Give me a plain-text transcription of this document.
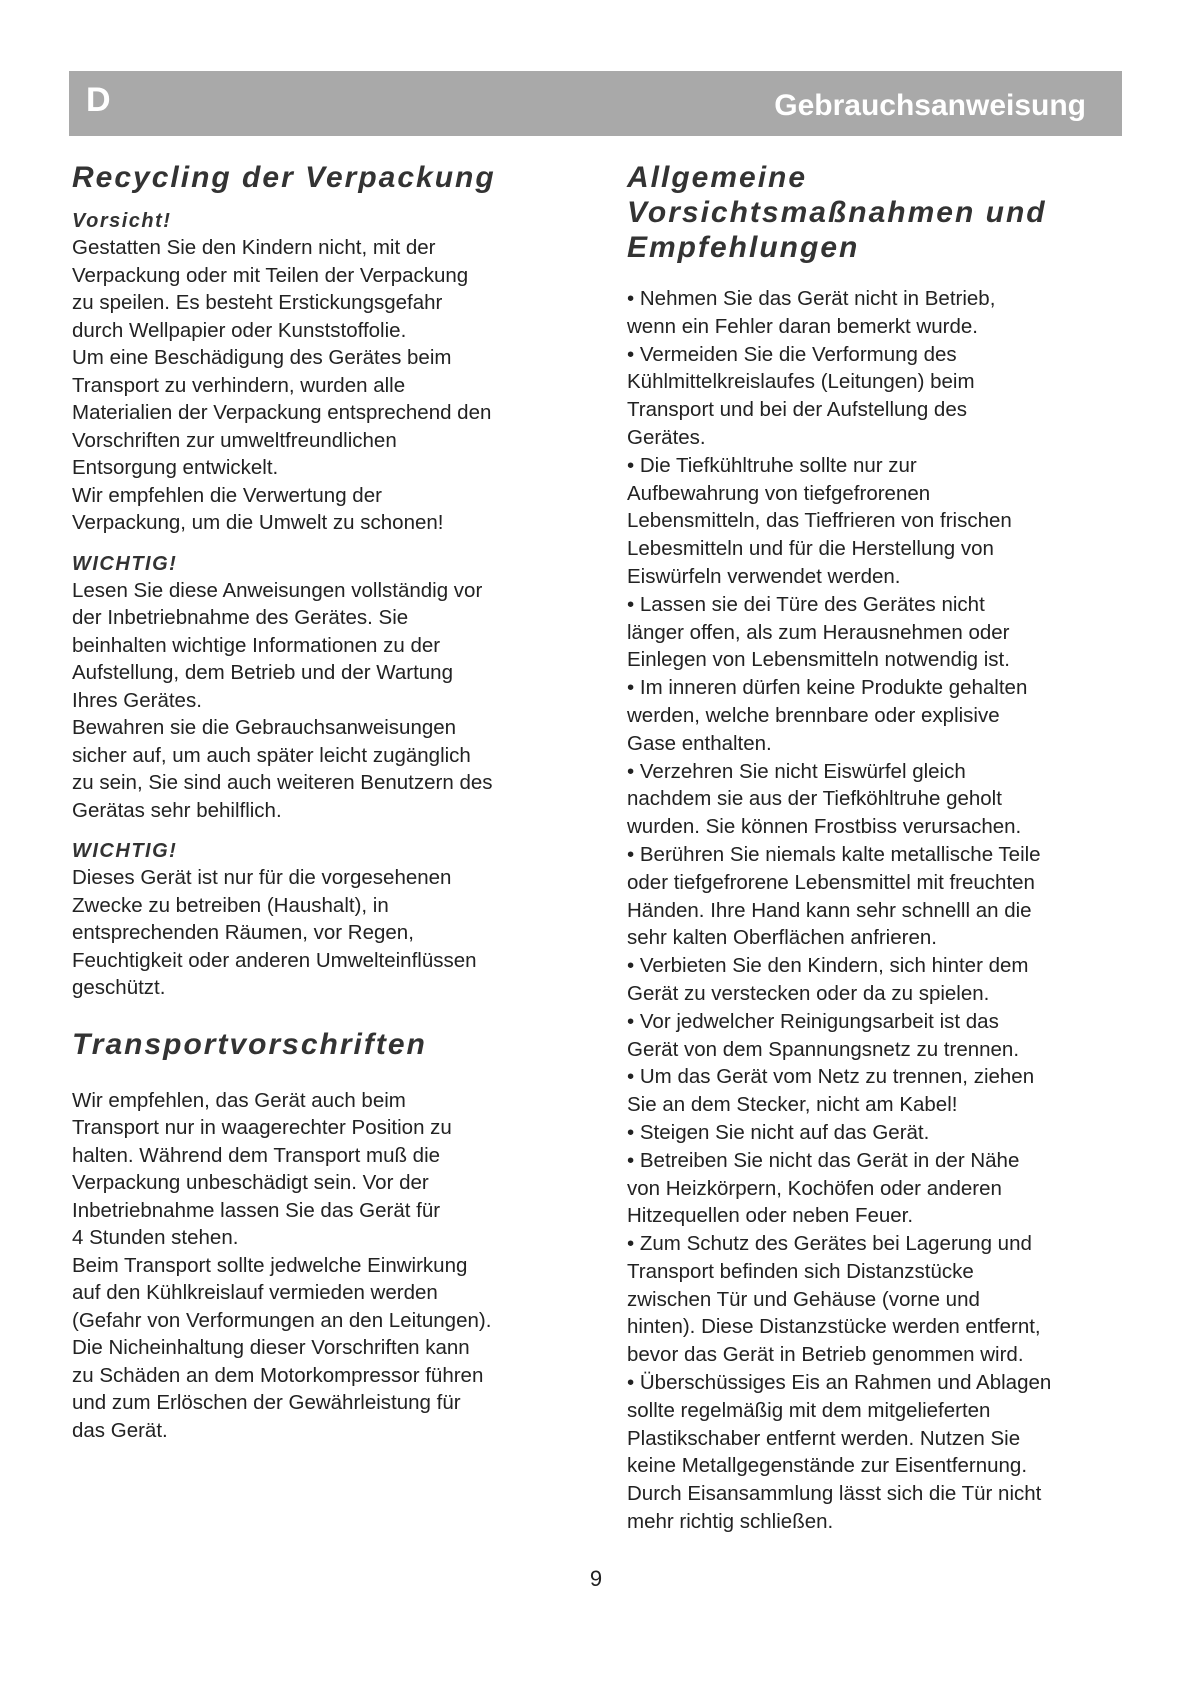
D	Gebrauchsanweisung
Recycling der Verpackung
Vorsicht!
Gestatten Sie den Kindern nicht, mit der
Verpackung oder mit Teilen der Verpackung
zu speilen. Es besteht Erstickungsgefahr
durch Wellpapier oder Kunststoffolie.
Um eine Beschädigung des Gerätes beim
Transport zu verhindern, wurden alle
Materialien der Verpackung entsprechend den
Vorschriften zur umweltfreundlichen
Entsorgung entwickelt.
Wir empfehlen die Verwertung der
Verpackung, um die Umwelt zu schonen!
WICHTIG!
Lesen Sie diese Anweisungen vollständig vor
der Inbetriebnahme des Gerätes. Sie
beinhalten wichtige Informationen zu der
Aufstellung, dem Betrieb und der Wartung
Ihres Gerätes.
Bewahren sie die Gebrauchsanweisungen
sicher auf, um auch später leicht zugänglich
zu sein, Sie sind auch weiteren Benutzern des
Gerätas sehr behilflich.
WICHTIG!
Dieses Gerät ist nur für die vorgesehenen
Zwecke zu betreiben (Haushalt), in
entsprechenden Räumen, vor Regen,
Feuchtigkeit oder anderen Umwelteinflüssen
geschützt.
Transportvorschriften
Wir empfehlen, das Gerät auch beim
Transport nur in waagerechter Position zu
halten. Während dem Transport muß die
Verpackung unbeschädigt sein. Vor der
Inbetriebnahme lassen Sie das Gerät für
4 Stunden stehen.
Beim Transport sollte jedwelche Einwirkung
auf den Kühlkreislauf vermieden werden
(Gefahr von Verformungen an den Leitungen).
Die Nicheinhaltung dieser Vorschriften kann
zu Schäden an dem Motorkompressor führen
und zum Erlöschen der Gewährleistung für
das Gerät.
Allgemeine
Vorsichtsmaßnahmen und
Empfehlungen
• Nehmen Sie das Gerät nicht in Betrieb,
wenn ein Fehler daran bemerkt wurde.
• Vermeiden Sie die Verformung des
Kühlmittelkreislaufes (Leitungen) beim
Transport und bei der Aufstellung des
Gerätes.
• Die Tiefkühltruhe sollte nur zur
Aufbewahrung von tiefgefrorenen
Lebensmitteln, das Tieffrieren von frischen
Lebesmitteln und für die Herstellung von
Eiswürfeln verwendet werden.
• Lassen sie dei Türe des Gerätes nicht
länger offen, als zum Herausnehmen oder
Einlegen von Lebensmitteln notwendig ist.
• Im inneren dürfen keine Produkte gehalten
werden, welche brennbare oder explisive
Gase enthalten.
• Verzehren Sie nicht Eiswürfel gleich
nachdem sie aus der Tiefköhltruhe geholt
wurden. Sie können Frostbiss verursachen.
• Berühren Sie niemals kalte metallische Teile
oder tiefgefrorene Lebensmittel mit freuchten
Händen. Ihre Hand kann sehr schnelll an die
sehr kalten Oberflächen anfrieren.
• Verbieten Sie den Kindern, sich hinter dem
Gerät zu verstecken oder da zu spielen.
• Vor jedwelcher Reinigungsarbeit ist das
Gerät von dem Spannungsnetz zu trennen.
• Um das Gerät vom Netz zu trennen, ziehen
Sie an dem Stecker, nicht am Kabel!
• Steigen Sie nicht auf das Gerät.
• Betreiben Sie nicht das Gerät in der Nähe
von Heizkörpern, Kochöfen oder anderen
Hitzequellen oder neben Feuer.
• Zum Schutz des Gerätes bei Lagerung und
Transport befinden sich Distanzstücke
zwischen Tür und Gehäuse (vorne und
hinten). Diese Distanzstücke werden entfernt,
bevor das Gerät in Betrieb genommen wird.
• Überschüssiges Eis an Rahmen und Ablagen
sollte regelmäßig mit dem mitgelieferten
Plastikschaber entfernt werden. Nutzen Sie
keine Metallgegenstände zur Eisentfernung.
Durch Eisansammlung lässt sich die Tür nicht
mehr richtig schließen.
9
